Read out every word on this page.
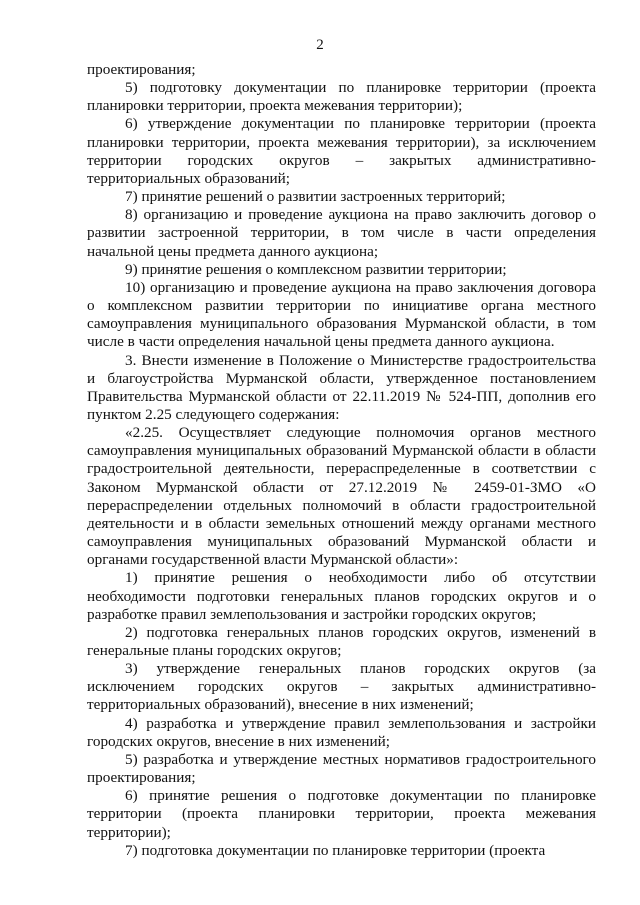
2

проектирования;

5) подготовку документации по планировке территории (проекта планировки территории, проекта межевания территории);

6) утверждение документации по планировке территории (проекта планировки территории, проекта межевания территории), за исключением территории городских округов – закрытых административно-территориальных образований;

7) принятие решений о развитии застроенных территорий;

8) организацию и проведение аукциона на право заключить договор о развитии застроенной территории, в том числе в части определения начальной цены предмета данного аукциона;

9) принятие решения о комплексном развитии территории;

10) организацию и проведение аукциона на право заключения договора о комплексном развитии территории по инициативе органа местного самоуправления муниципального образования Мурманской области, в том числе в части определения начальной цены предмета данного аукциона.

3. Внести изменение в Положение о Министерстве градостроительства и благоустройства Мурманской области, утвержденное постановлением Правительства Мурманской области от 22.11.2019 № 524-ПП, дополнив его пунктом 2.25 следующего содержания:

«2.25. Осуществляет следующие полномочия органов местного самоуправления муниципальных образований Мурманской области в области градостроительной деятельности, перераспределенные в соответствии с Законом Мурманской области от 27.12.2019 № 2459-01-ЗМО «О перераспределении отдельных полномочий в области градостроительной деятельности и в области земельных отношений между органами местного самоуправления муниципальных образований Мурманской области и органами государственной власти Мурманской области»:

1) принятие решения о необходимости либо об отсутствии необходимости подготовки генеральных планов городских округов и о разработке правил землепользования и застройки городских округов;

2) подготовка генеральных планов городских округов, изменений в генеральные планы городских округов;

3) утверждение генеральных планов городских округов (за исключением городских округов – закрытых административно-территориальных образований), внесение в них изменений;

4) разработка и утверждение правил землепользования и застройки городских округов, внесение в них изменений;

5) разработка и утверждение местных нормативов градостроительного проектирования;

6) принятие решения о подготовке документации по планировке территории (проекта планировки территории, проекта межевания территории);

7) подготовка документации по планировке территории (проекта
